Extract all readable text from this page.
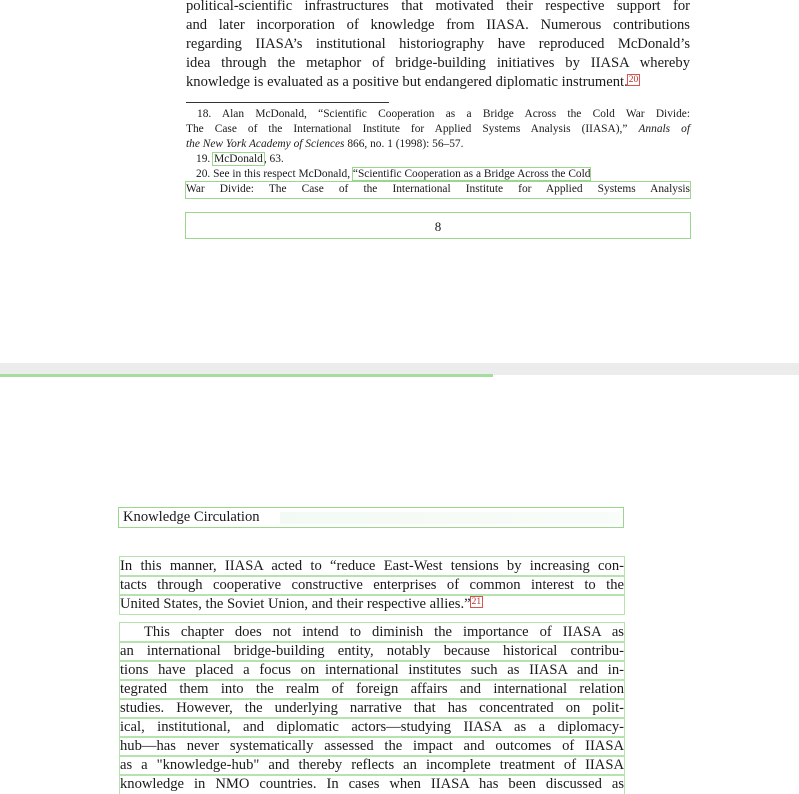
political-scientific infrastructures that motivated their respective support for
and later incorporation of knowledge from IIASA. Numerous contributions
regarding IIASA’s institutional historiography have reproduced McDonald’s
idea through the metaphor of bridge-building initiatives by IIASA whereby
knowledge is evaluated as a positive but endangered diplomatic instrument.$^{20}$
18. Alan McDonald, “Scientific Cooperation as a Bridge Across the Cold War Divide:
The Case of the International Institute for Applied Systems Analysis (IIASA),” Annals of
the New York Academy of Sciences 866, no. 1 (1998): 56–57.
19. McDonald, 63.
20. See in this respect McDonald, “Scientific Cooperation as a Bridge Across the Cold
War Divide: The Case of the International Institute for Applied Systems Analysis
8
Knowledge Circulation
In this manner, IIASA acted to “reduce East-West tensions by increasing con-
tacts through cooperative constructive enterprises of common interest to the
United States, the Soviet Union, and their respective allies.”$^{21}$
This chapter does not intend to diminish the importance of IIASA as
an international bridge-building entity, notably because historical contribu-
tions have placed a focus on international institutes such as IIASA and in-
tegrated them into the realm of foreign affairs and international relation
studies. However, the underlying narrative that has concentrated on polit-
ical, institutional, and diplomatic actors—studying IIASA as a diplomacy-
hub—has never systematically assessed the impact and outcomes of IIASA
as a "knowledge-hub" and thereby reflects an incomplete treatment of IIASA
knowledge in NMO countries. In cases when IIASA has been discussed as
